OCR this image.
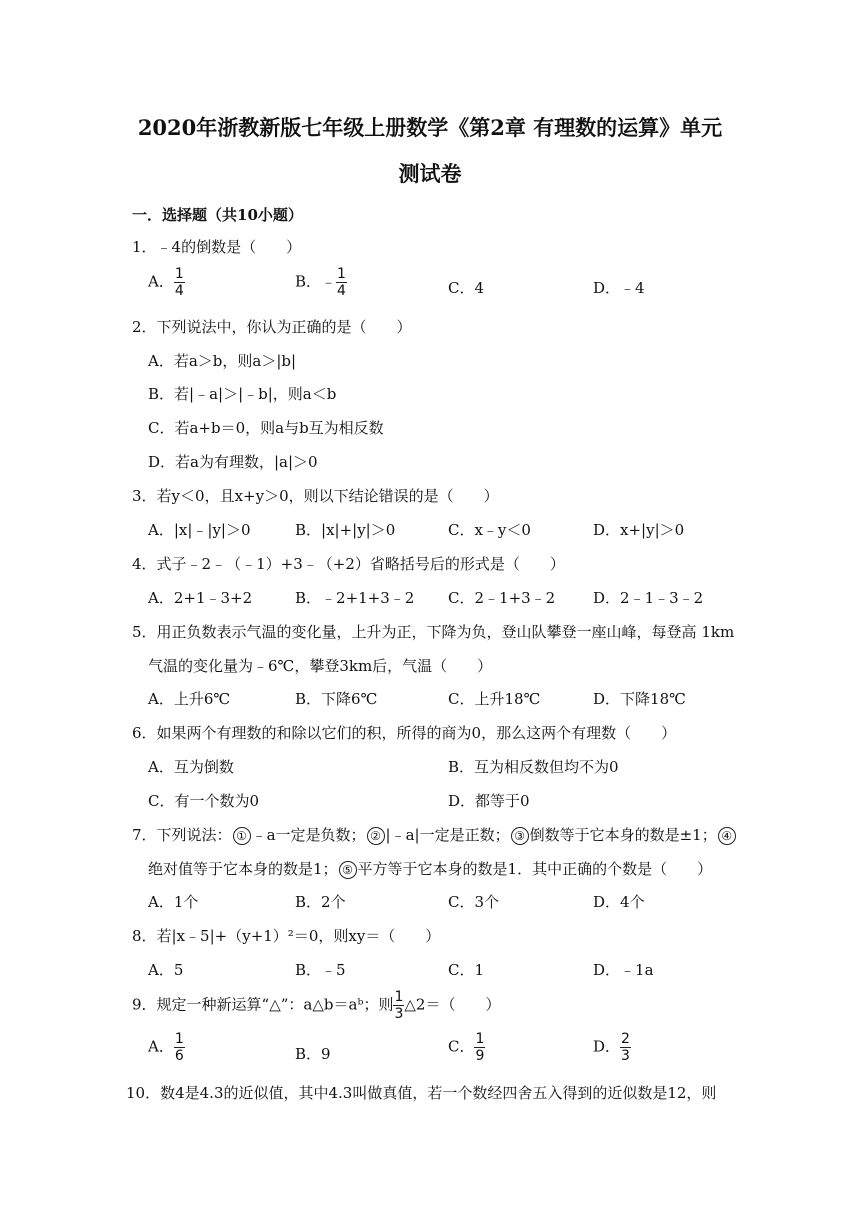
2020年浙教新版七年级上册数学《第2章 有理数的运算》单元
测试卷
一．选择题（共10小题）
1．﹣4的倒数是（　　）
A． $\frac{1}{4}$	B．﹣ $\frac{1}{4}$	C．4	D．﹣4
2．下列说法中，你认为正确的是（　　）
A．若a＞b，则a＞|b|
B．若|﹣a|＞|﹣b|，则a＜b
C．若a+b＝0，则a与b互为相反数
D．若a为有理数，|a|＞0
3．若y＜0，且x+y＞0，则以下结论错误的是（　　）
A．|x|﹣|y|＞0	B．|x|+|y|＞0	C．x﹣y＜0	D．x+|y|＞0
4．式子﹣2﹣（﹣1）+3﹣（+2）省略括号后的形式是（　　）
A．2+1﹣3+2	B．﹣2+1+3﹣2 C．2﹣1+3﹣2	D．2﹣1﹣3﹣2
5．用正负数表示气温的变化量，上升为正，下降为负，登山队攀登一座山峰，每登高 1km
气温的变化量为﹣6℃，攀登3km后，气温（　　）
A．上升6℃	B．下降6℃	C．上升18℃	D．下降18℃
6．如果两个有理数的和除以它们的积，所得的商为0，那么这两个有理数（　　）
A．互为倒数	B．互为相反数但均不为0
C．有一个数为0	D．都等于0
7．下列说法： ① ﹣a一定是负数； ② |﹣a|一定是正数； ③ 倒数等于它本身的数是±1； ④
绝对值等于它本身的数是1； ⑤ 平方等于它本身的数是1．其中正确的个数是（　　）
A．1个	B．2个	C．3个	D．4个
8．若|x﹣5|+（y+1）²＝0，则xy＝（　　）
A．5	B．﹣5	C．1	D．﹣1a
9．规定一种新运算“△”：a△b＝aᵇ；则 $\frac{1}{3}$ △2＝（　　）
A． $\frac{1}{6}$	B．9	C． $\frac{1}{9}$	D． $\frac{2}{3}$
10．数4是4.3的近似值，其中4.3叫做真值，若一个数经四舍五入得到的近似数是12，则
